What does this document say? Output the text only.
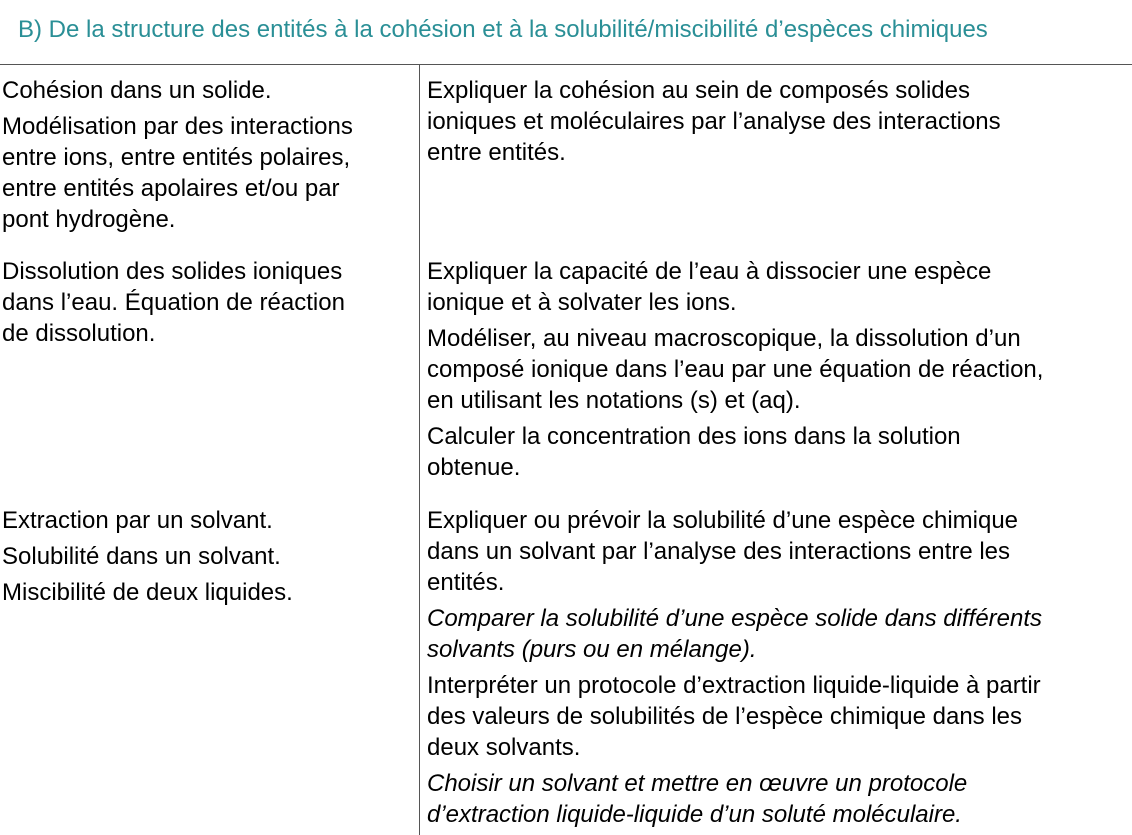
B) De la structure des entités à la cohésion et à la solubilité/miscibilité d’espèces chimiques

Cohésion dans un solide.

Modélisation par des interactions
entre ions, entre entités polaires,
entre entités apolaires et/ou par
pont hydrogène.

Expliquer la cohésion au sein de composés solides
ioniques et moléculaires par l’analyse des interactions
entre entités.

Dissolution des solides ioniques
dans l’eau. Équation de réaction
de dissolution.

Expliquer la capacité de l’eau à dissocier une espèce
ionique et à solvater les ions.

Modéliser, au niveau macroscopique, la dissolution d’un
composé ionique dans l’eau par une équation de réaction,
en utilisant les notations (s) et (aq).

Calculer la concentration des ions dans la solution
obtenue.

Extraction par un solvant.

Solubilité dans un solvant.

Miscibilité de deux liquides.

Expliquer ou prévoir la solubilité d’une espèce chimique
dans un solvant par l’analyse des interactions entre les
entités.

Comparer la solubilité d’une espèce solide dans différents
solvants (purs ou en mélange).

Interpréter un protocole d’extraction liquide-liquide à partir
des valeurs de solubilités de l’espèce chimique dans les
deux solvants.

Choisir un solvant et mettre en œuvre un protocole
d’extraction liquide-liquide d’un soluté moléculaire.
